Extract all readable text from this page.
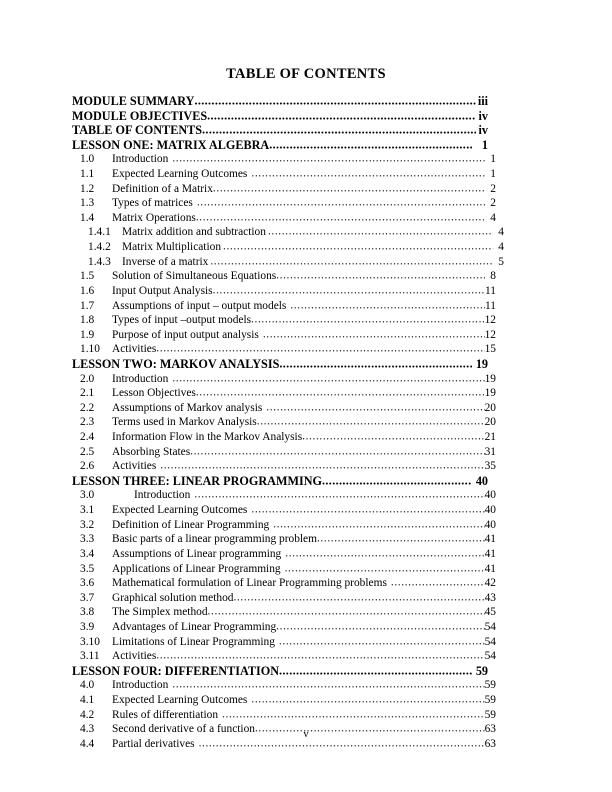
TABLE OF CONTENTS
MODULE SUMMARY .....	iii
MODULE OBJECTIVES .....	iv
TABLE OF CONTENTS .....	iv
LESSON ONE: MATRIX ALGEBRA .....	1
1.0	Introduction .....	1
1.1	Expected Learning Outcomes .....	1
1.2	Definition of a Matrix .....	2
1.3	Types of matrices .....	2
1.4	Matrix Operations .....	4
1.4.1 Matrix addition and subtraction .....	4
1.4.2 Matrix Multiplication .....	4
1.4.3 Inverse of a matrix .....	5
1.5	Solution of Simultaneous Equations .....	8
1.6	Input Output Analysis .....	11
1.7	Assumptions of input – output models .....	11
1.8	Types of input –output models .....	12
1.9	Purpose of input output analysis .....	12
1.10	Activities .....	15
LESSON TWO: MARKOV ANALYSIS .....	19
2.0	Introduction .....	19
2.1	Lesson Objectives .....	19
2.2	Assumptions of Markov analysis .....	20
2.3	Terms used in Markov Analysis .....	20
2.4	Information Flow in the Markov Analysis .....	21
2.5	Absorbing States .....	31
2.6	Activities .....	35
LESSON THREE: LINEAR PROGRAMMING .....	40
3.0	Introduction .....	40
3.1	Expected Learning Outcomes .....	40
3.2	Definition of Linear Programming .....	40
3.3	Basic parts of a linear programming problem .....	41
3.4	Assumptions of Linear programming .....	41
3.5	Applications of Linear Programming .....	41
3.6	Mathematical formulation of Linear Programming problems .....	42
3.7	Graphical solution method .....	43
3.8	The Simplex method .....	45
3.9	Advantages of Linear Programming .....	54
3.10	Limitations of Linear Programming .....	54
3.11	Activities .....	54
LESSON FOUR: DIFFERENTIATION .....	59
4.0	Introduction .....	59
4.1	Expected Learning Outcomes .....	59
4.2	Rules of differentiation .....	59
4.3	Second derivative of a function .....	63
4.4	Partial derivatives .....	63
v
